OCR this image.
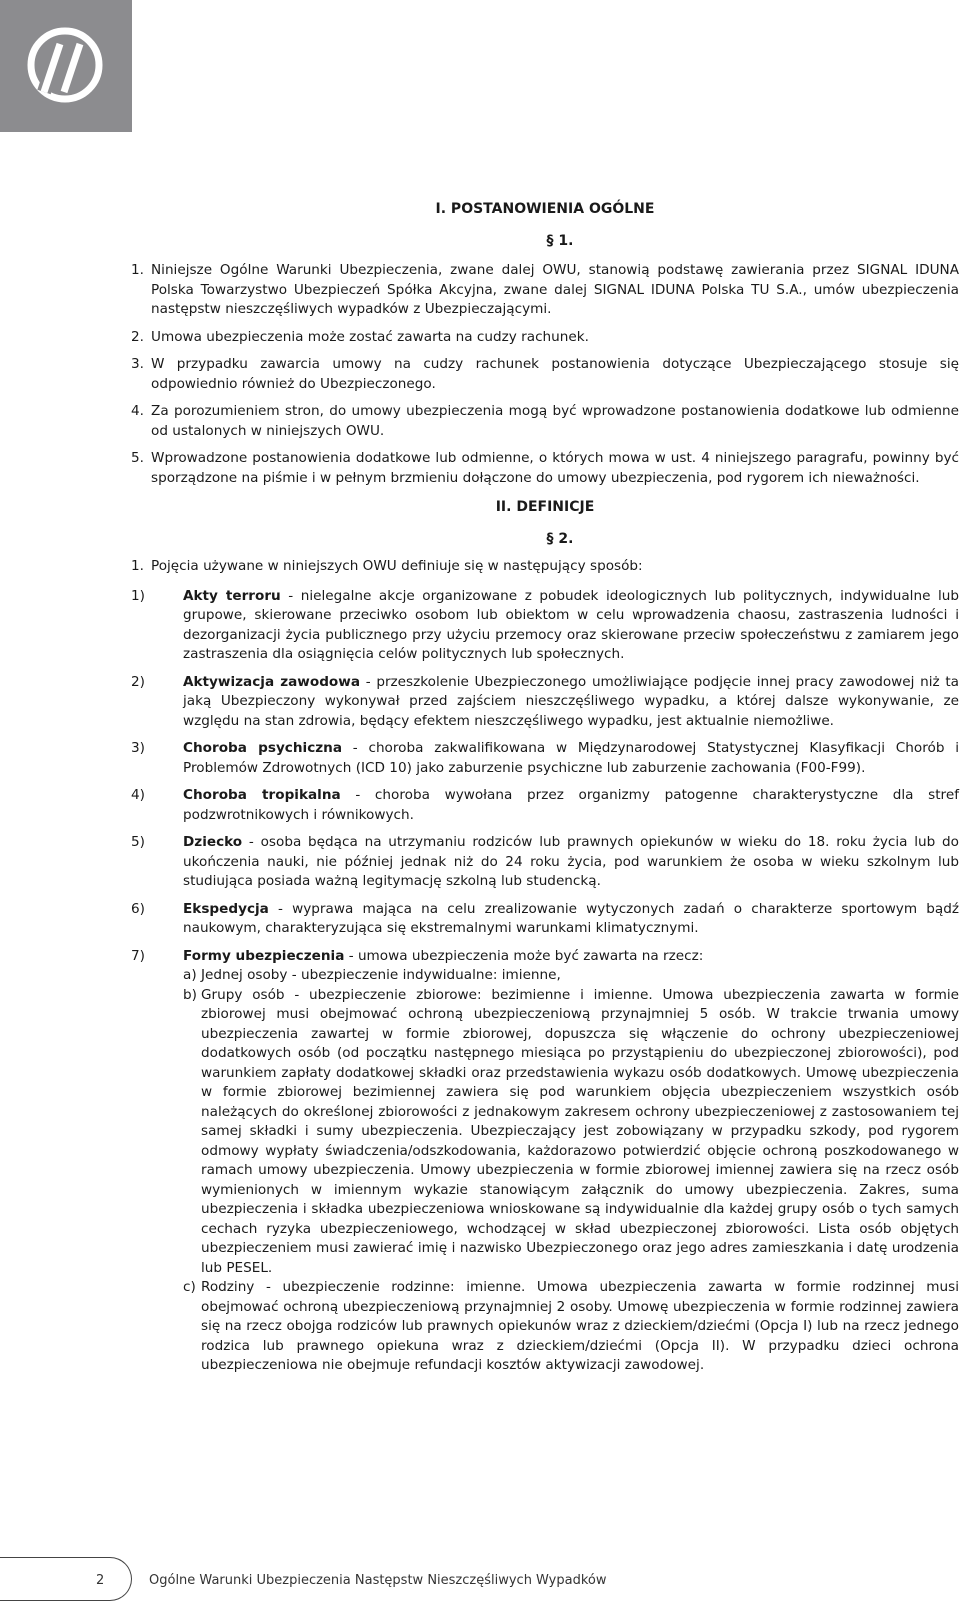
I. POSTANOWIENIA OGÓLNE

§ 1.

1. Niniejsze Ogólne Warunki Ubezpieczenia, zwane dalej OWU, stanowią podstawę zawierania przez SIGNAL IDUNA Polska Towarzystwo Ubezpieczeń Spółka Akcyjna, zwane dalej SIGNAL IDUNA Polska TU S.A., umów ubezpieczenia następstw nieszczęśliwych wypadków z Ubezpieczającymi.
2. Umowa ubezpieczenia może zostać zawarta na cudzy rachunek.
3. W przypadku zawarcia umowy na cudzy rachunek postanowienia dotyczące Ubezpieczającego stosuje się odpowiednio również do Ubezpieczonego.
4. Za porozumieniem stron, do umowy ubezpieczenia mogą być wprowadzone postanowienia dodatkowe lub odmienne od ustalonych w niniejszych OWU.
5. Wprowadzone postanowienia dodatkowe lub odmienne, o których mowa w ust. 4 niniejszego paragrafu, powinny być sporządzone na piśmie i w pełnym brzmieniu dołączone do umowy ubezpieczenia, pod rygorem ich nieważności.

II. DEFINICJE

§ 2.

1. Pojęcia używane w niniejszych OWU definiuje się w następujący sposób:
1)	Akty terroru - nielegalne akcje organizowane z pobudek ideologicznych lub politycznych, indywidualne lub grupowe, skierowane przeciwko osobom lub obiektom w celu wprowadzenia chaosu, zastraszenia ludności i dezorganizacji życia publicznego przy użyciu przemocy oraz skierowane przeciw społeczeństwu z zamiarem jego zastraszenia dla osiągnięcia celów politycznych lub społecznych.
2)	Aktywizacja zawodowa - przeszkolenie Ubezpieczonego umożliwiające podjęcie innej pracy zawodowej niż ta jaką Ubezpieczony wykonywał przed zajściem nieszczęśliwego wypadku, a której dalsze wykonywanie, ze względu na stan zdrowia, będący efektem nieszczęśliwego wypadku, jest aktualnie niemożliwe.
3)	Choroba psychiczna - choroba zakwalifikowana w Międzynarodowej Statystycznej Klasyfikacji Chorób i Problemów Zdrowotnych (ICD 10) jako zaburzenie psychiczne lub zaburzenie zachowania (F00-F99).
4)	Choroba tropikalna - choroba wywołana przez organizmy patogenne charakterystyczne dla stref podzwrotnikowych i równikowych.
5)	Dziecko - osoba będąca na utrzymaniu rodziców lub prawnych opiekunów w wieku do 18. roku życia lub do ukończenia nauki, nie później jednak niż do 24 roku życia, pod warunkiem że osoba w wieku szkolnym lub studiująca posiada ważną legitymację szkolną lub studencką.
6)	Ekspedycja - wyprawa mająca na celu zrealizowanie wytyczonych zadań o charakterze sportowym bądź naukowym, charakteryzująca się ekstremalnymi warunkami klimatycznymi.
7)	Formy ubezpieczenia - umowa ubezpieczenia może być zawarta na rzecz:
a) Jednej osoby - ubezpieczenie indywidualne: imienne,
b) Grupy osób - ubezpieczenie zbiorowe: bezimienne i imienne. Umowa ubezpieczenia zawarta w formie zbiorowej musi obejmować ochroną ubezpieczeniową przynajmniej 5 osób. W trakcie trwania umowy ubezpieczenia zawartej w formie zbiorowej, dopuszcza się włączenie do ochrony ubezpieczeniowej dodatkowych osób (od początku następnego miesiąca po przystąpieniu do ubezpieczonej zbiorowości), pod warunkiem zapłaty dodatkowej składki oraz przedstawienia wykazu osób dodatkowych. Umowę ubezpieczenia w formie zbiorowej bezimiennej zawiera się pod warunkiem objęcia ubezpieczeniem wszystkich osób należących do określonej zbiorowości z jednakowym zakresem ochrony ubezpieczeniowej z zastosowaniem tej samej składki i sumy ubezpieczenia. Ubezpieczający jest zobowiązany w przypadku szkody, pod rygorem odmowy wypłaty świadczenia/odszkodowania, każdorazowo potwierdzić objęcie ochroną poszkodowanego w ramach umowy ubezpieczenia. Umowy ubezpieczenia w formie zbiorowej imiennej zawiera się na rzecz osób wymienionych w imiennym wykazie stanowiącym załącznik do umowy ubezpieczenia. Zakres, suma ubezpieczenia i składka ubezpieczeniowa wnioskowane są indywidualnie dla każdej grupy osób o tych samych cechach ryzyka ubezpieczeniowego, wchodzącej w skład ubezpieczonej zbiorowości. Lista osób objętych ubezpieczeniem musi zawierać imię i nazwisko Ubezpieczonego oraz jego adres zamieszkania i datę urodzenia lub PESEL.
c) Rodziny - ubezpieczenie rodzinne: imienne. Umowa ubezpieczenia zawarta w formie rodzinnej musi obejmować ochroną ubezpieczeniową przynajmniej 2 osoby. Umowę ubezpieczenia w formie rodzinnej zawiera się na rzecz obojga rodziców lub prawnych opiekunów wraz z dzieckiem/dziećmi (Opcja I) lub na rzecz jednego rodzica lub prawnego opiekuna wraz z dzieckiem/dziećmi (Opcja II). W przypadku dzieci ochrona ubezpieczeniowa nie obejmuje refundacji kosztów aktywizacji zawodowej.
2	Ogólne Warunki Ubezpieczenia Następstw Nieszczęśliwych Wypadków
